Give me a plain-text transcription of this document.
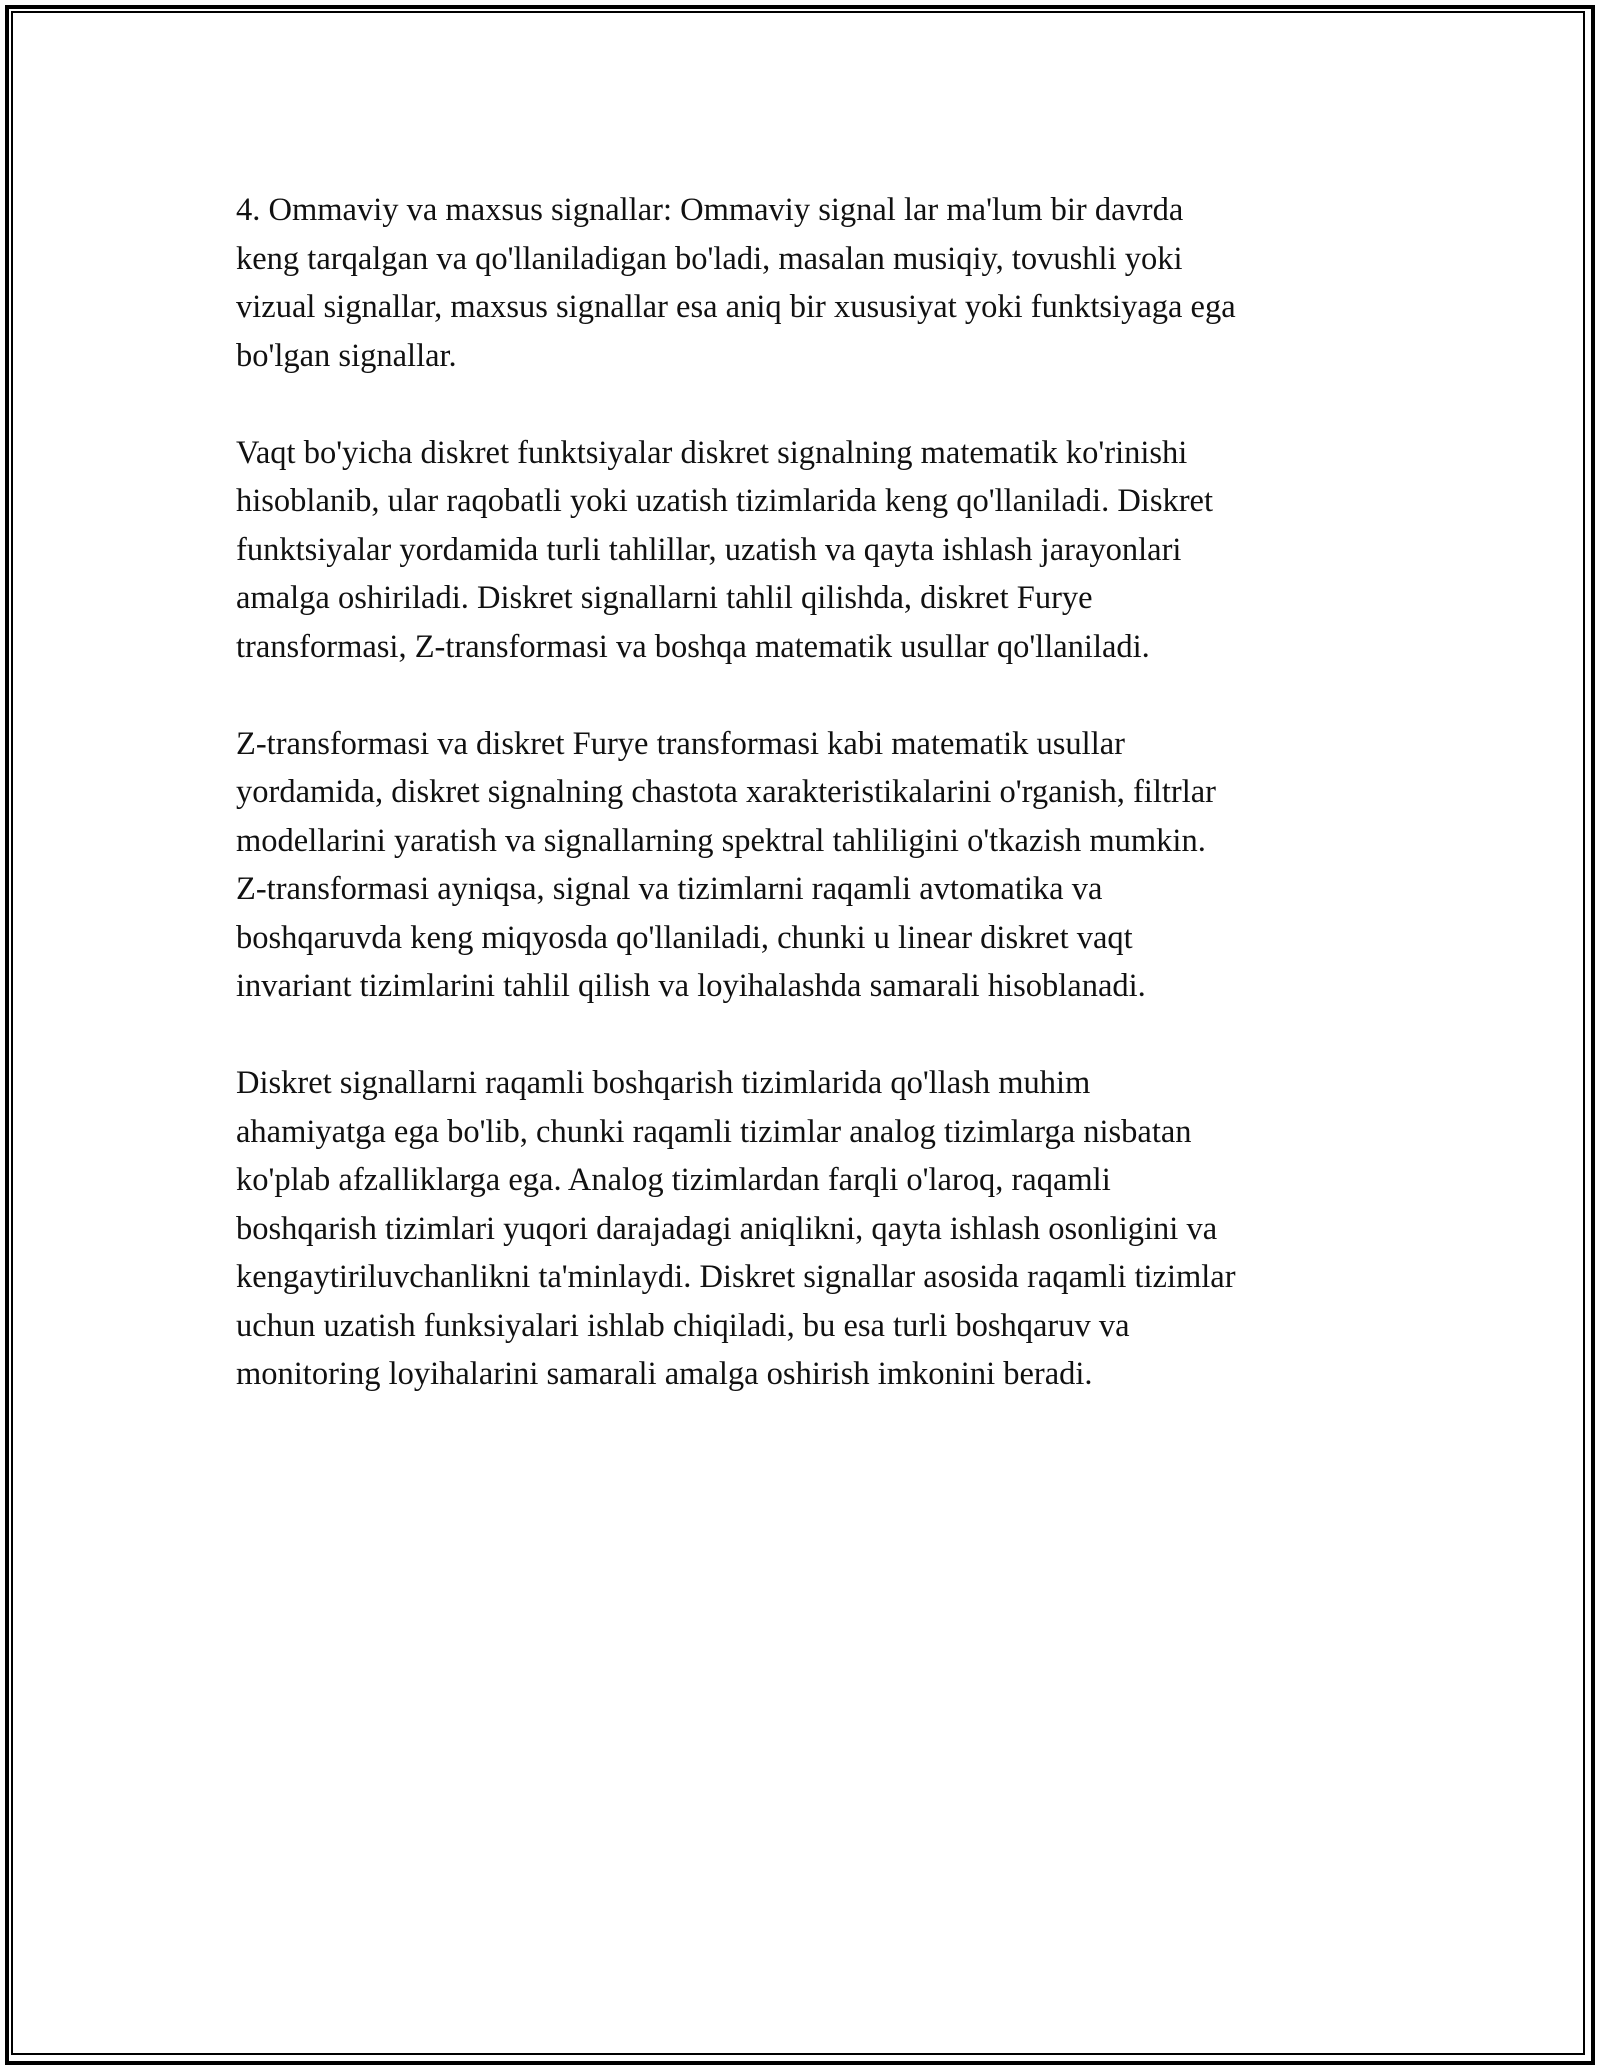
4. Ommaviy va maxsus signallar: Ommaviy signal lar ma'lum bir davrda
keng tarqalgan va qo'llaniladigan bo'ladi, masalan musiqiy, tovushli yoki
vizual signallar, maxsus signallar esa aniq bir xususiyat yoki funktsiyaga ega
bo'lgan signallar.

Vaqt bo'yicha diskret funktsiyalar diskret signalning matematik ko'rinishi
hisoblanib, ular raqobatli yoki uzatish tizimlarida keng qo'llaniladi. Diskret
funktsiyalar yordamida turli tahlillar, uzatish va qayta ishlash jarayonlari
amalga oshiriladi. Diskret signallarni tahlil qilishda, diskret Furye
transformasi, Z-transformasi va boshqa matematik usullar qo'llaniladi.

Z-transformasi va diskret Furye transformasi kabi matematik usullar
yordamida, diskret signalning chastota xarakteristikalarini o'rganish, filtrlar
modellarini yaratish va signallarning spektral tahliligini o'tkazish mumkin.
Z-transformasi ayniqsa, signal va tizimlarni raqamli avtomatika va
boshqaruvda keng miqyosda qo'llaniladi, chunki u linear diskret vaqt
invariant tizimlarini tahlil qilish va loyihalashda samarali hisoblanadi.

Diskret signallarni raqamli boshqarish tizimlarida qo'llash muhim
ahamiyatga ega bo'lib, chunki raqamli tizimlar analog tizimlarga nisbatan
ko'plab afzalliklarga ega. Analog tizimlardan farqli o'laroq, raqamli
boshqarish tizimlari yuqori darajadagi aniqlikni, qayta ishlash osonligini va
kengaytiriluvchanlikni ta'minlaydi. Diskret signallar asosida raqamli tizimlar
uchun uzatish funksiyalari ishlab chiqiladi, bu esa turli boshqaruv va
monitoring loyihalarini samarali amalga oshirish imkonini beradi.
